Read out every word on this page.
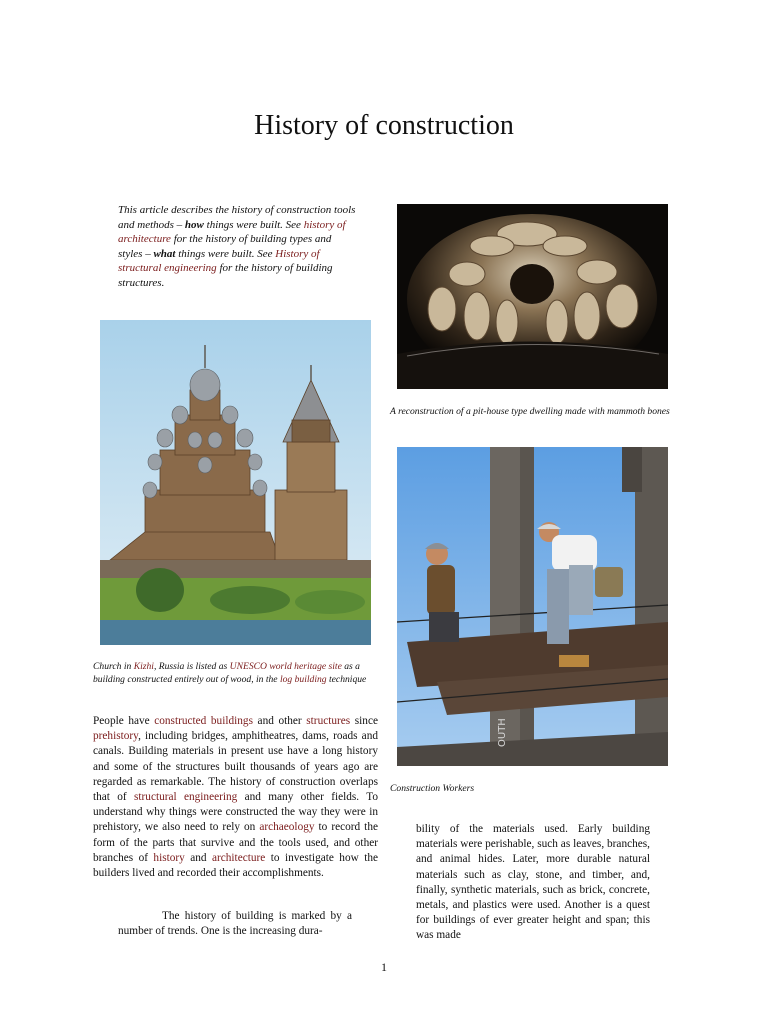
History of construction
This article describes the history of construction tools and methods – how things were built. See history of architecture for the history of building types and styles – what things were built. See History of structural engineering for the history of building structures.
A reconstruction of a pit-house type dwelling made with mammoth bones
Church in Kizhi, Russia is listed as UNESCO world heritage site as a building constructed entirely out of wood, in the log building technique
OUTH
Construction Workers
People have constructed buildings and other structures since prehistory, including bridges, amphitheatres, dams, roads and canals. Building materials in present use have a long history and some of the structures built thousands of years ago are regarded as remarkable. The history of construction overlaps that of structural engineering and many other fields. To understand why things were constructed the way they were in prehistory, we also need to rely on archaeology to record the form of the parts that survive and the tools used, and other branches of history and architecture to investigate how the builders lived and recorded their accomplishments.
The history of building is marked by a number of trends. One is the increasing dura-
bility of the materials used. Early building materials were perishable, such as leaves, branches, and animal hides. Later, more durable natural materials such as clay, stone, and timber, and, finally, synthetic materials, such as brick, concrete, metals, and plastics were used. Another is a quest for buildings of ever greater height and span; this was made
1
